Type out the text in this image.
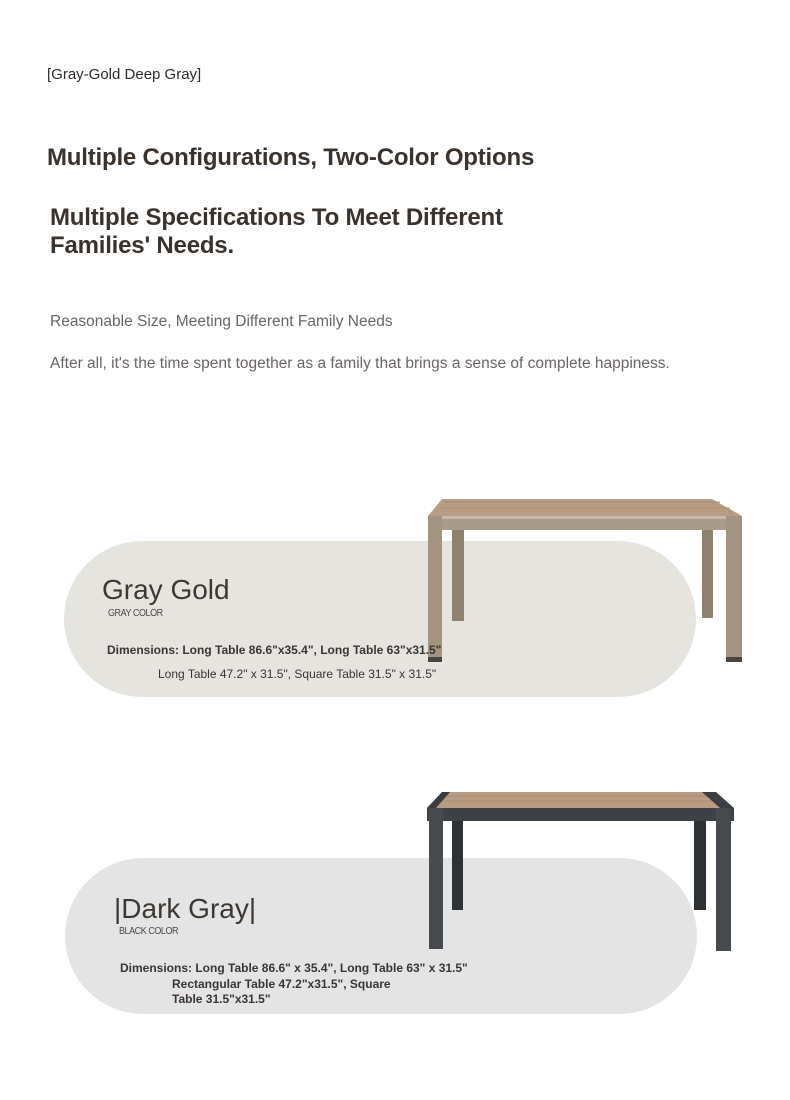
[Gray-Gold Deep Gray]
Multiple Configurations, Two-Color Options
Multiple Specifications To Meet Different Families' Needs.
Reasonable Size, Meeting Different Family Needs
After all, it's the time spent together as a family that brings a sense of complete happiness.
Gray Gold
GRAY COLOR
Dimensions: Long Table 86.6"x35.4", Long Table 63"x31.5"
Long Table 47.2" x 31.5", Square Table 31.5" x 31.5"
|Dark Gray|
BLACK COLOR
Dimensions: Long Table 86.6" x 35.4", Long Table 63" x 31.5"
Rectangular Table 47.2"x31.5", Square
Table 31.5"x31.5"
